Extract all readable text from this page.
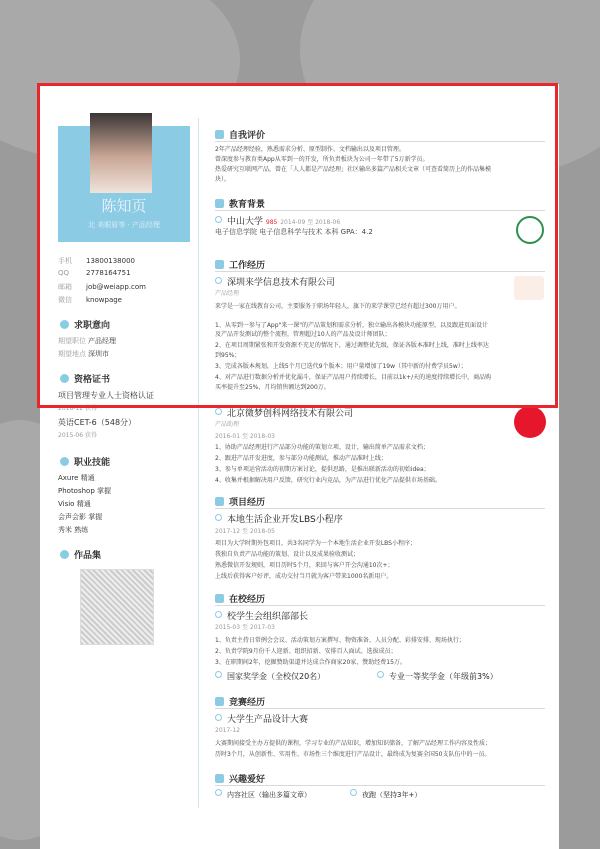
陈知页
北 美眼眉等 · 产品经理
手机 13800138000
QQ 2778164751
邮箱 job@weiapp.com
微信 knowpage
求职意向
期望职位 产品经理
期望地点 深圳市
资格证书
项目管理专业人士资格认证
2016-12 获得
英语CET-6（548分）
2015-06 获得
职业技能
Axure 精通
Photoshop 掌握
Visio 精通
会声会影 掌握
秀米 熟练
作品集
自我评价
2年产品经理经验，熟悉需求分析、原型制作、文档输出以及项目管理。
曾深度参与教育类App从零到一的开发，所负责板块为公司一年带了5万新学员。
热爱研究互联网产品，曾在「人人都是产品经理」社区输出多篇产品相关文章（可查看简历上的作品集模
块）。
教育背景
中山大学 985 2014-09 至 2018-06
电子信息学院 电子信息科学与技术 本科 GPA：4.2
工作经历
深圳来学信息技术有限公司
产品经理
来学是一家在线教育公司，主要服务于职场年轻人，旗下的来学课堂已经有超过300万用户。
1、从零到一参与了App"来一课"的产品策划和需求分析，独立输出各模块功能原型，以及跟进页面设计
及产品开发测试的整个流程，管理超过10人的产品及设计师团队；
2、在项目周期紧张和开发资源不充足的情况下，通过调整优先级，保证各版本准时上线，准时上线率达
到95%；
3、完成各版本规划，上线5个月已迭代9个版本；用户量增加了19w（其中新的付费学员5w）；
4、对产品进行数据分析并优化漏斗，保证产品用户持续增长，目前以1k+/天的速度持续增长中，商品购
买率提升至25%，月均销售额达到200万。
北京微梦创科网络技术有限公司
产品助理
2016-01 至 2018-03
1、协助产品经理进行产品部分功能的策划立项、设计，输出简单产品需求文档；
2、跟进产品开发进度，参与部分功能测试，推动产品准时上线；
3、参与单项运营活动的初期方案讨论，提供思路，是推出联新活动的初始idea；
4、收集并根据解决用户反馈，研究行业内竞品，为产品进行优化产品提供市场基础。
项目经历
本地生活企业开发LBS小程序
2017-12 至 2018-05
项目为大学时期外包项目，共3名同学为一个本地生活企业开发LBS小程序；
我独自负责产品功能的策划、设计以及成果验收测试；
熟悉微信开发规则，项目历时5个月，来回与客户开会沟通10次+；
上线后获得客户好评，成功交付当月就为客户带来1000名新用户。
在校经历
校学生会组织部部长
2015-03 至 2017-03
1、负责主持日常例会会议、活动策划方案撰写、物资准备、人员分配、彩排安排、现场执行；
2、负责学院9月份千人迎新、组织招新、安排百人面试、选拔成员；
3、在职期间2年，挖掘赞助渠道并达成合作商家20家，赞助经费15万。
国家奖学金（全校仅20名）	专业一等奖学金（年级前3%）
竞赛经历
大学生产品设计大赛
2017-12
大赛期间接受主办方提供的课程，学习专业的产品知识，增加知识储备，了解产品经理工作内容及性质；
历时3个月，从创新性、实用性、市场性三个维度进行产品设计，最终成为复赛全国50支队伍中的一员。
兴趣爱好
内容社区（输出多篇文章）	夜跑（坚持3年+）
